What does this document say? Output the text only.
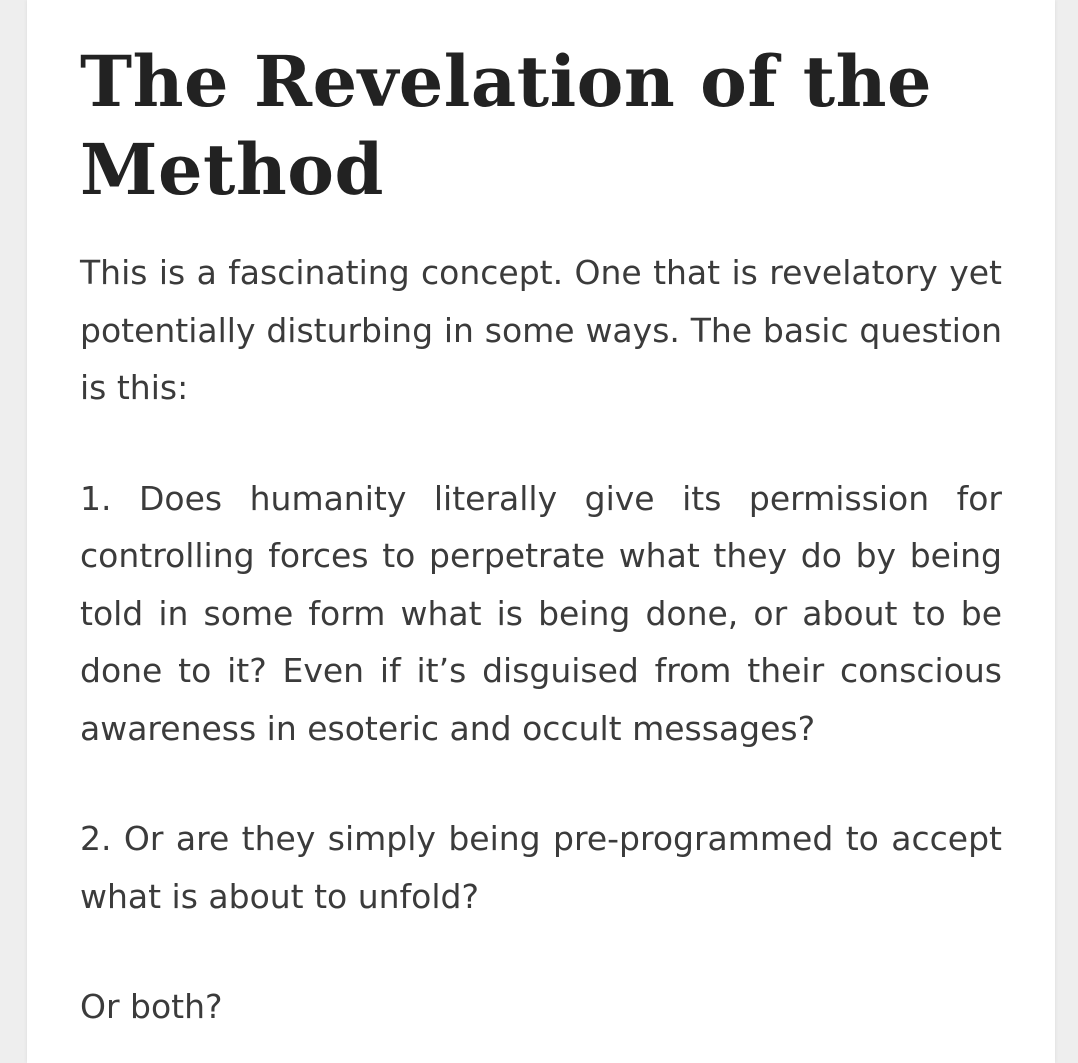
The Revelation of the Method

This is a fascinating concept. One that is revelatory yet potentially disturbing in some ways. The basic question is this:

1. Does humanity literally give its permission for controlling forces to perpetrate what they do by being told in some form what is being done, or about to be done to it? Even if it’s disguised from their conscious awareness in esoteric and occult messages?

2. Or are they simply being pre-programmed to accept what is about to unfold?

Or both?
